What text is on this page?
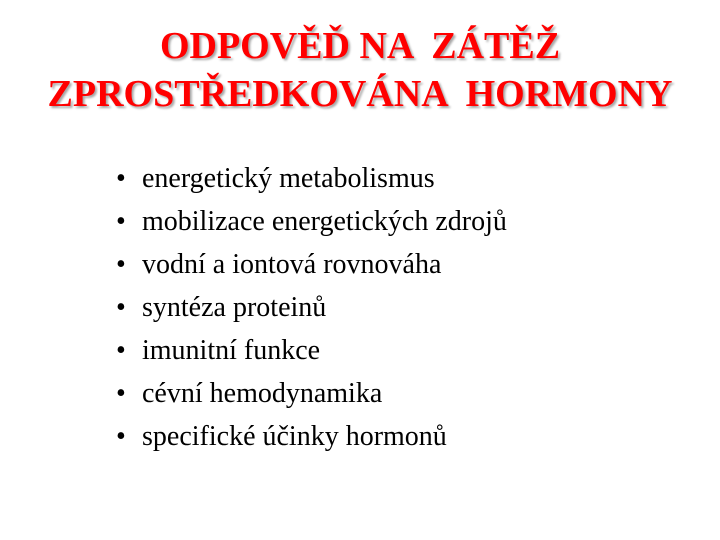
ODPOVĚĎ NA  ZÁTĚŽ
ZPROSTŘEDKOVÁNA  HORMONY
• energetický metabolismus
• mobilizace energetických zdrojů
• vodní a iontová rovnováha
• syntéza proteinů
• imunitní funkce
• cévní hemodynamika
• specifické účinky hormonů
